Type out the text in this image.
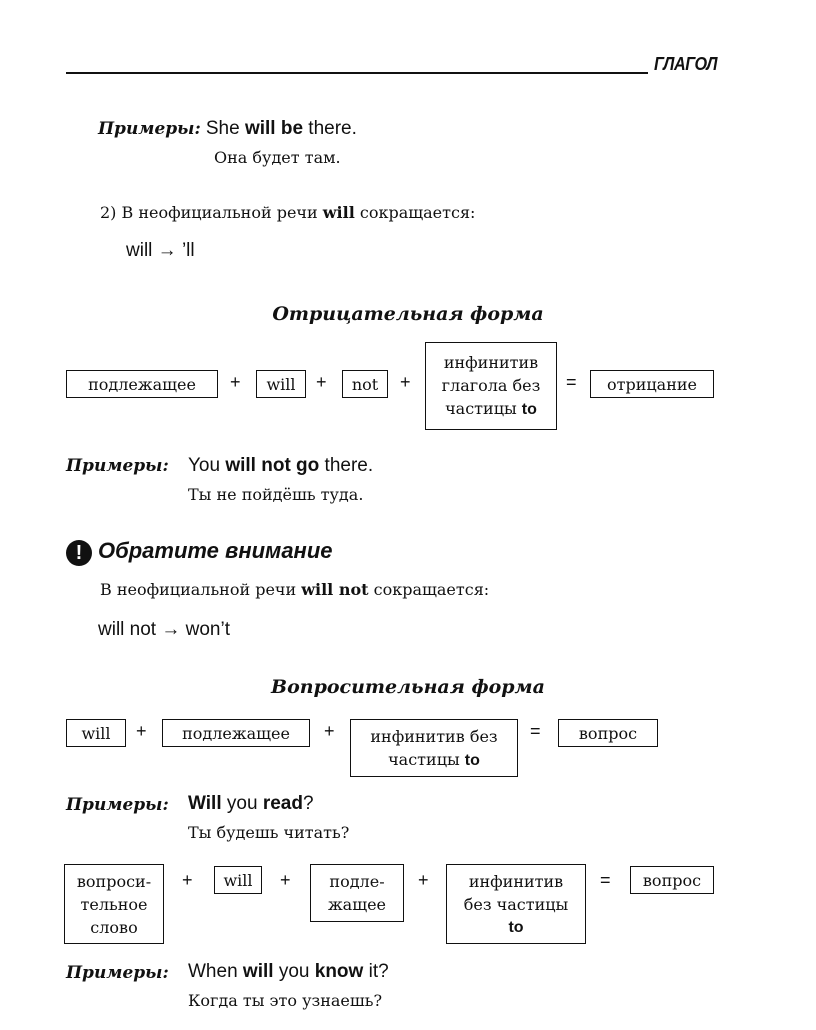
ГЛАГОЛ
Примеры: She will be there.
Она будет там.
2) В неофициальной речи will сокращается:
will → ’ll
Отрицательная форма
подлежащее	+	will	+	not	+
инфинитив
глагола без
частицы to
=	отрицание
Примеры: You will not go there.
Ты не пойдёшь туда.
! Обратите внимание
В неофициальной речи will not сокращается:
will not → won’t
Вопросительная форма
will	+	подлежащее	+ инфинитив без
частицы to
=	вопрос
Примеры: Will you read?
Ты будешь читать?
вопроси-
тельное
слово
+	will	+ подле-
жащее
+	инфинитив
без частицы
to
=	вопрос
Примеры: When will you know it?
Когда ты это узнаешь?
